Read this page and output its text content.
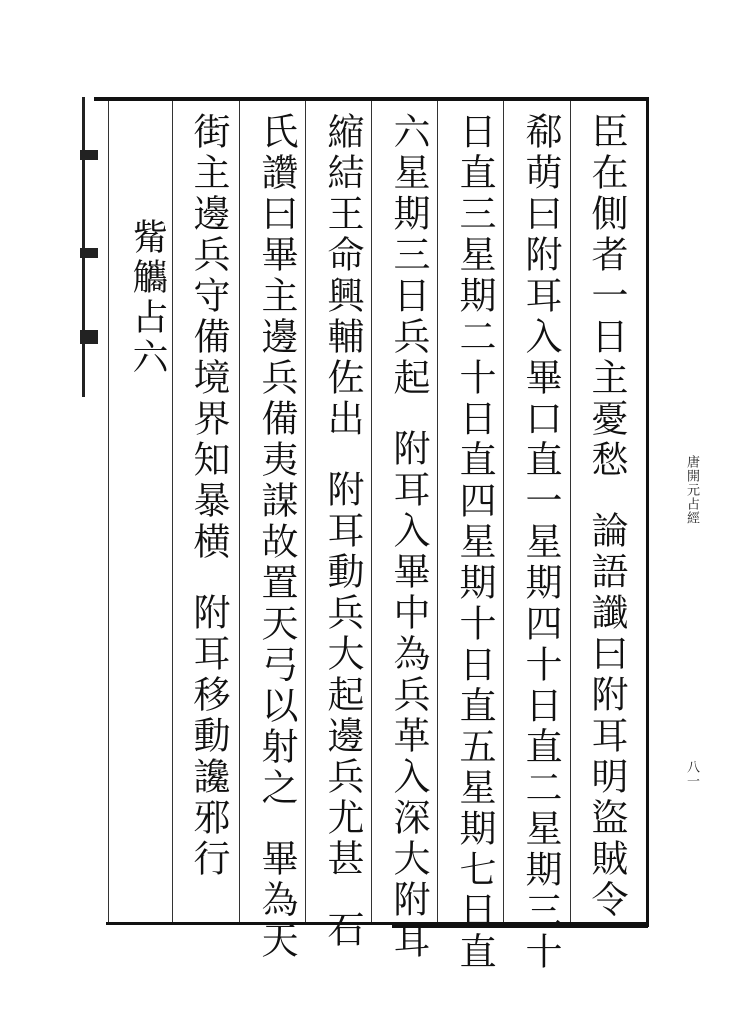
臣在側者一日主憂愁論語讖曰附耳明盜賊令
郗萌曰附耳入畢口直一星期四十日直二星期三十
日直三星期二十日直四星期十日直五星期七日直
六星期三日兵起附耳入畢中為兵革入深大附耳
縮結王命興輔佐出附耳動兵大起邊兵尤甚石
氏讚曰畢主邊兵備夷謀故置天弓以射之畢為天
街主邊兵守備境界知暴横附耳移動讒邪行
觜觿占六
唐開元占經
八一
